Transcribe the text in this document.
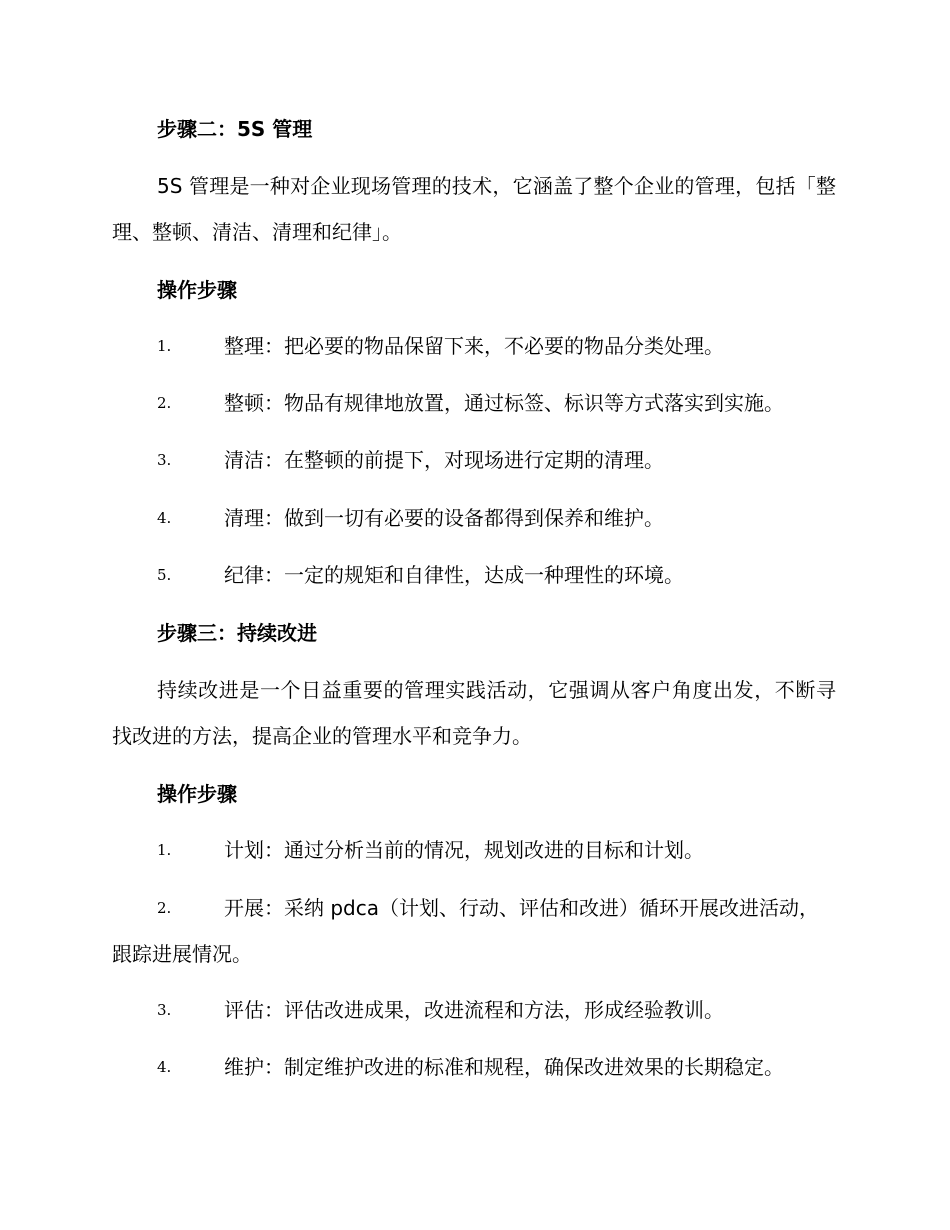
步骤二：5S 管理
5S 管理是一种对企业现场管理的技术，它涵盖了整个企业的管理，包括「整理、整顿、清洁、清理和纪律」。
操作步骤
1.	整理：把必要的物品保留下来，不必要的物品分类处理。
2.	整顿：物品有规律地放置，通过标签、标识等方式落实到实施。
3.	清洁：在整顿的前提下，对现场进行定期的清理。
4.	清理：做到一切有必要的设备都得到保养和维护。
5.	纪律：一定的规矩和自律性，达成一种理性的环境。
步骤三：持续改进
持续改进是一个日益重要的管理实践活动，它强调从客户角度出发，不断寻找改进的方法，提高企业的管理水平和竞争力。
操作步骤
1.	计划：通过分析当前的情况，规划改进的目标和计划。
2.	开展：采纳 pdca（计划、行动、评估和改进）循环开展改进活动，跟踪进展情况。
3.	评估：评估改进成果，改进流程和方法，形成经验教训。
4.	维护：制定维护改进的标准和规程，确保改进效果的长期稳定。
